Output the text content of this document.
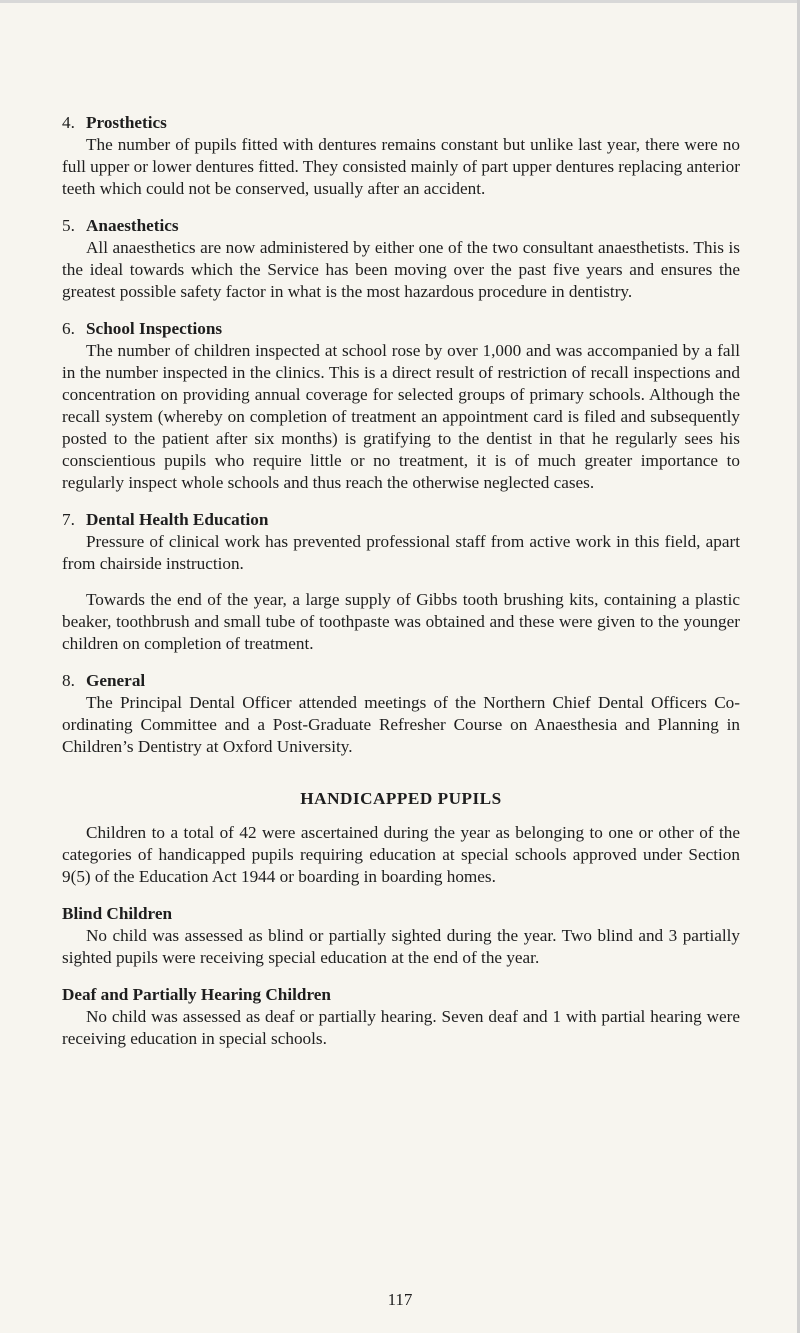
4. Prosthetics

The number of pupils fitted with dentures remains constant but unlike last year, there were no full upper or lower dentures fitted. They consisted mainly of part upper dentures replacing anterior teeth which could not be conserved, usually after an accident.

5. Anaesthetics

All anaesthetics are now administered by either one of the two consultant anaesthetists. This is the ideal towards which the Service has been moving over the past five years and ensures the greatest possible safety factor in what is the most hazardous procedure in dentistry.

6. School Inspections

The number of children inspected at school rose by over 1,000 and was accompanied by a fall in the number inspected in the clinics. This is a direct result of restriction of recall inspections and concentration on providing annual coverage for selected groups of primary schools. Although the recall system (whereby on completion of treatment an appointment card is filed and subsequently posted to the patient after six months) is gratifying to the dentist in that he regularly sees his conscientious pupils who require little or no treatment, it is of much greater importance to regularly inspect whole schools and thus reach the otherwise neglected cases.

7. Dental Health Education

Pressure of clinical work has prevented professional staff from active work in this field, apart from chairside instruction.

Towards the end of the year, a large supply of Gibbs tooth brushing kits, containing a plastic beaker, toothbrush and small tube of toothpaste was obtained and these were given to the younger children on completion of treatment.

8. General

The Principal Dental Officer attended meetings of the Northern Chief Dental Officers Co-ordinating Committee and a Post-Graduate Refresher Course on Anaesthesia and Planning in Children’s Dentistry at Oxford University.

HANDICAPPED PUPILS

Children to a total of 42 were ascertained during the year as belonging to one or other of the categories of handicapped pupils requiring education at special schools approved under Section 9(5) of the Education Act 1944 or boarding in boarding homes.

Blind Children

No child was assessed as blind or partially sighted during the year. Two blind and 3 partially sighted pupils were receiving special education at the end of the year.

Deaf and Partially Hearing Children

No child was assessed as deaf or partially hearing. Seven deaf and 1 with partial hearing were receiving education in special schools.

117
